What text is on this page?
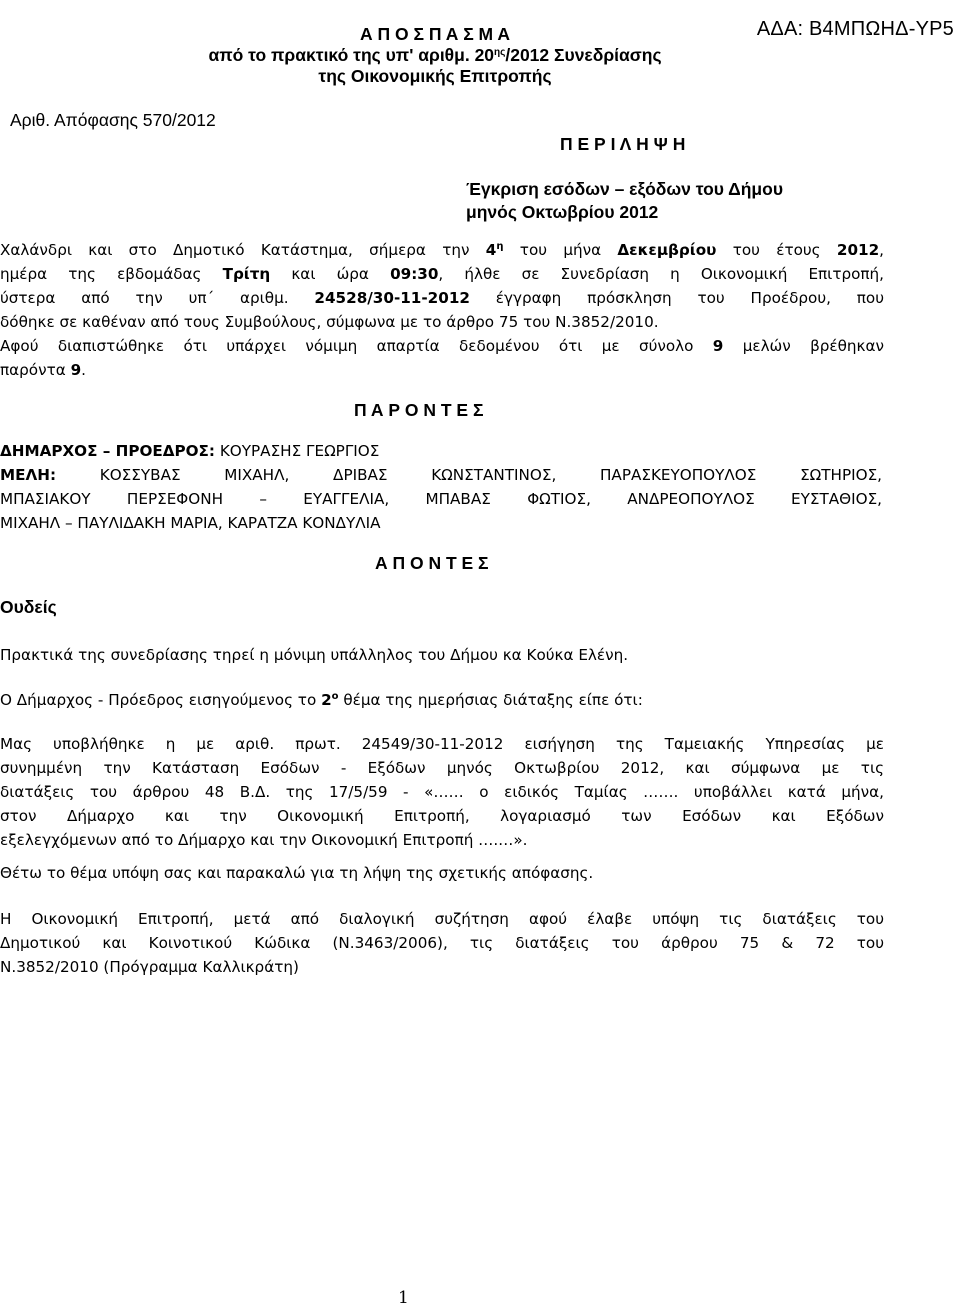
ΑΔΑ: Β4ΜΠΩΗΔ-ΥΡ5
Α Π Ο Σ Π Α Σ Μ Α
από το πρακτικό της υπ' αριθμ. $20^{\eta\varsigma}/2012$ Συνεδρίασης
της Οικονομικής Επιτροπής
Αριθ. Απόφασης 570/2012
Π Ε Ρ Ι Λ Η Ψ Η
Έγκριση εσόδων – εξόδων του Δήμου
μηνός Οκτωβρίου 2012
Χαλάνδρι και στο Δημοτικό Κατάστημα, σήμερα την $4^\eta$ του μήνα Δεκεμβρίου του έτους 2012,
ημέρα της εβδομάδας Τρίτη και ώρα 09:30, ήλθε σε Συνεδρίαση η Οικονομική Επιτροπή,
ύστερα από την υπ΄ αριθμ. 24528/30-11-2012 έγγραφη πρόσκληση του Προέδρου, που
δόθηκε σε καθέναν από τους Συμβούλους, σύμφωνα με το άρθρο 75 του Ν.3852/2010.
Αφού διαπιστώθηκε ότι υπάρχει νόμιμη απαρτία δεδομένου ότι με σύνολο 9 μελών βρέθηκαν
παρόντα 9.
Π Α Ρ Ο Ν Τ Ε Σ
ΔΗΜΑΡΧΟΣ – ΠΡΟΕΔΡΟΣ: ΚΟΥΡΑΣΗΣ ΓΕΩΡΓΙΟΣ
ΜΕΛΗ: ΚΟΣΣΥΒΑΣ ΜΙΧΑΗΛ, ΔΡΙΒΑΣ ΚΩΝΣΤΑΝΤΙΝΟΣ, ΠΑΡΑΣΚΕΥΟΠΟΥΛΟΣ ΣΩΤΗΡΙΟΣ,
ΜΠΑΣΙΑΚΟΥ ΠΕΡΣΕΦΟΝΗ – ΕΥΑΓΓΕΛΙΑ, ΜΠΑΒΑΣ ΦΩΤΙΟΣ, ΑΝΔΡΕΟΠΟΥΛΟΣ ΕΥΣΤΑΘΙΟΣ,
ΜΙΧΑΗΛ – ΠΑΥΛΙΔΑΚΗ ΜΑΡΙΑ, ΚΑΡΑΤΖΑ ΚΟΝΔΥΛΙΑ
Α Π Ο Ν Τ Ε Σ
Ουδείς
Πρακτικά της συνεδρίασης τηρεί η μόνιμη υπάλληλος του Δήμου κα Κούκα Ελένη.
Ο Δήμαρχος - Πρόεδρος εισηγούμενος το $2^o$ θέμα της ημερήσιας διάταξης είπε ότι:
Μας υποβλήθηκε η με αριθ. πρωτ. 24549/30-11-2012 εισήγηση της Ταμειακής Υπηρεσίας με
συνημμένη την Κατάσταση Εσόδων - Εξόδων μηνός Οκτωβρίου 2012, και σύμφωνα με τις
διατάξεις του άρθρου 48 Β.Δ. της 17/5/59 - «…… ο ειδικός Ταμίας ……. υποβάλλει κατά μήνα,
στον Δήμαρχο και την Οικονομική Επιτροπή, λογαριασμό των Εσόδων και Εξόδων
εξελεγχόμενων από το Δήμαρχο και την Οικονομική Επιτροπή ….…».
Θέτω το θέμα υπόψη σας και παρακαλώ για τη λήψη της σχετικής απόφασης.
Η Οικονομική Επιτροπή, μετά από διαλογική συζήτηση αφού έλαβε υπόψη τις διατάξεις του
Δημοτικού και Κοινοτικού Κώδικα (Ν.3463/2006), τις διατάξεις του άρθρου 75 & 72 του
Ν.3852/2010 (Πρόγραμμα Καλλικράτη)
1
